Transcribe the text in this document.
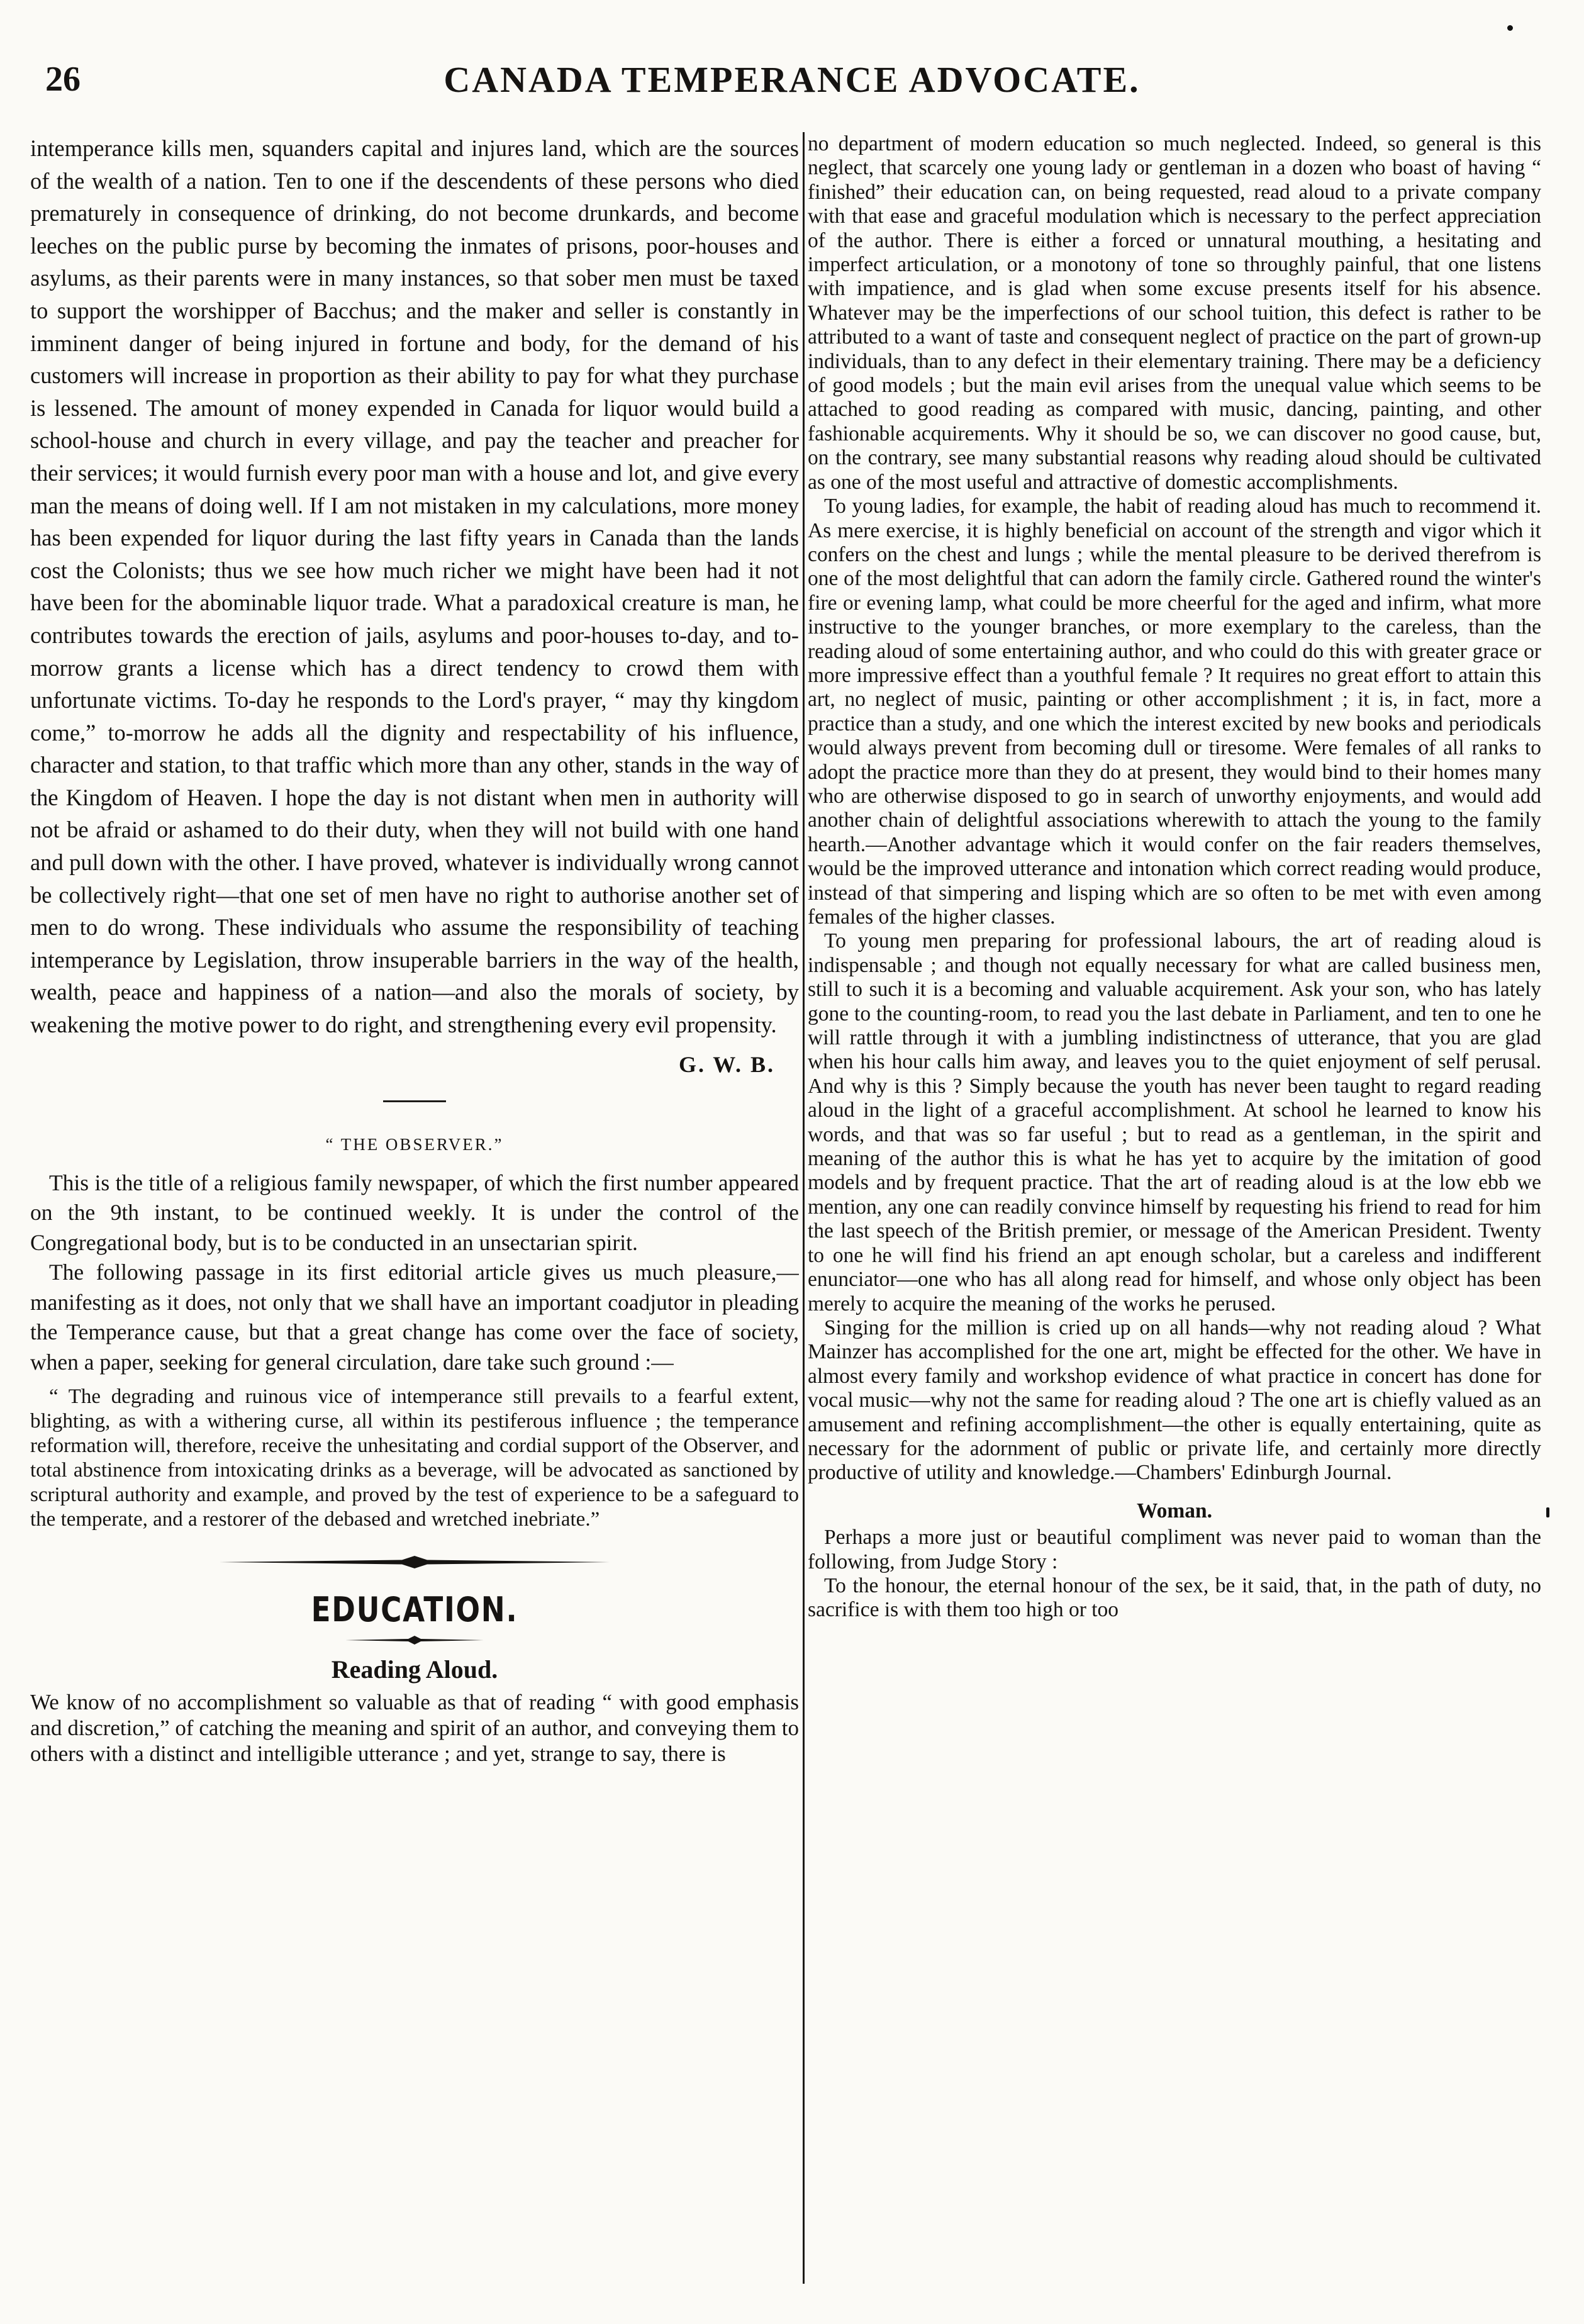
26	CANADA TEMPERANCE ADVOCATE.

intemperance kills men, squanders capital and injures land, which are the sources of the wealth of a nation. Ten to one if the descendents of these persons who died prematurely in consequence of drinking, do not become drunkards, and become leeches on the public purse by becoming the inmates of prisons, poor-houses and asylums, as their parents were in many instances, so that sober men must be taxed to support the worshipper of Bacchus; and the maker and seller is constantly in imminent danger of being injured in fortune and body, for the demand of his customers will increase in proportion as their ability to pay for what they purchase is lessened. The amount of money expended in Canada for liquor would build a school-house and church in every village, and pay the teacher and preacher for their services; it would furnish every poor man with a house and lot, and give every man the means of doing well. If I am not mistaken in my calculations, more money has been expended for liquor during the last fifty years in Canada than the lands cost the Colonists; thus we see how much richer we might have been had it not have been for the abominable liquor trade. What a paradoxical creature is man, he contributes towards the erection of jails, asylums and poor-houses to-day, and to-morrow grants a license which has a direct tendency to crowd them with unfortunate victims. To-day he responds to the Lord's prayer, “ may thy kingdom come,” to-morrow he adds all the dignity and respectability of his influence, character and station, to that traffic which more than any other, stands in the way of the Kingdom of Heaven. I hope the day is not distant when men in authority will not be afraid or ashamed to do their duty, when they will not build with one hand and pull down with the other. I have proved, whatever is individually wrong cannot be collectively right—that one set of men have no right to authorise another set of men to do wrong. These individuals who assume the responsibility of teaching intemperance by Legislation, throw insuperable barriers in the way of the health, wealth, peace and happiness of a nation—and also the morals of society, by weakening the motive power to do right, and strengthening every evil propensity.

G. W. B.

“ THE OBSERVER.”

This is the title of a religious family newspaper, of which the first number appeared on the 9th instant, to be continued weekly. It is under the control of the Congregational body, but is to be conducted in an unsectarian spirit.

The following passage in its first editorial article gives us much pleasure,—manifesting as it does, not only that we shall have an important coadjutor in pleading the Temperance cause, but that a great change has come over the face of society, when a paper, seeking for general circulation, dare take such ground :—

“ The degrading and ruinous vice of intemperance still prevails to a fearful extent, blighting, as with a withering curse, all within its pestiferous influence ; the temperance reformation will, therefore, receive the unhesitating and cordial support of the Observer, and total abstinence from intoxicating drinks as a beverage, will be advocated as sanctioned by scriptural authority and example, and proved by the test of experience to be a safeguard to the temperate, and a restorer of the debased and wretched inebriate.”

EDUCATION.

Reading Aloud.

We know of no accomplishment so valuable as that of reading “ with good emphasis and discretion,” of catching the meaning and spirit of an author, and conveying them to others with a distinct and intelligible utterance ; and yet, strange to say, there is

no department of modern education so much neglected. Indeed, so general is this neglect, that scarcely one young lady or gentleman in a dozen who boast of having “ finished” their education can, on being requested, read aloud to a private company with that ease and graceful modulation which is necessary to the perfect appreciation of the author. There is either a forced or unnatural mouthing, a hesitating and imperfect articulation, or a monotony of tone so throughly painful, that one listens with impatience, and is glad when some excuse presents itself for his absence. Whatever may be the imperfections of our school tuition, this defect is rather to be attributed to a want of taste and consequent neglect of practice on the part of grown-up individuals, than to any defect in their elementary training. There may be a deficiency of good models ; but the main evil arises from the unequal value which seems to be attached to good reading as compared with music, dancing, painting, and other fashionable acquirements. Why it should be so, we can discover no good cause, but, on the contrary, see many substantial reasons why reading aloud should be cultivated as one of the most useful and attractive of domestic accomplishments.

To young ladies, for example, the habit of reading aloud has much to recommend it. As mere exercise, it is highly beneficial on account of the strength and vigor which it confers on the chest and lungs ; while the mental pleasure to be derived therefrom is one of the most delightful that can adorn the family circle. Gathered round the winter's fire or evening lamp, what could be more cheerful for the aged and infirm, what more instructive to the younger branches, or more exemplary to the careless, than the reading aloud of some entertaining author, and who could do this with greater grace or more impressive effect than a youthful female ? It requires no great effort to attain this art, no neglect of music, painting or other accomplishment ; it is, in fact, more a practice than a study, and one which the interest excited by new books and periodicals would always prevent from becoming dull or tiresome. Were females of all ranks to adopt the practice more than they do at present, they would bind to their homes many who are otherwise disposed to go in search of unworthy enjoyments, and would add another chain of delightful associations wherewith to attach the young to the family hearth.—Another advantage which it would confer on the fair readers themselves, would be the improved utterance and intonation which correct reading would produce, instead of that simpering and lisping which are so often to be met with even among females of the higher classes.

To young men preparing for professional labours, the art of reading aloud is indispensable ; and though not equally necessary for what are called business men, still to such it is a becoming and valuable acquirement. Ask your son, who has lately gone to the counting-room, to read you the last debate in Parliament, and ten to one he will rattle through it with a jumbling indistinctness of utterance, that you are glad when his hour calls him away, and leaves you to the quiet enjoyment of self perusal. And why is this ? Simply because the youth has never been taught to regard reading aloud in the light of a graceful accomplishment. At school he learned to know his words, and that was so far useful ; but to read as a gentleman, in the spirit and meaning of the author this is what he has yet to acquire by the imitation of good models and by frequent practice. That the art of reading aloud is at the low ebb we mention, any one can readily convince himself by requesting his friend to read for him the last speech of the British premier, or message of the American President. Twenty to one he will find his friend an apt enough scholar, but a careless and indifferent enunciator—one who has all along read for himself, and whose only object has been merely to acquire the meaning of the works he perused.

Singing for the million is cried up on all hands—why not reading aloud ? What Mainzer has accomplished for the one art, might be effected for the other. We have in almost every family and workshop evidence of what practice in concert has done for vocal music—why not the same for reading aloud ? The one art is chiefly valued as an amusement and refining accomplishment—the other is equally entertaining, quite as necessary for the adornment of public or private life, and certainly more directly productive of utility and knowledge.—Chambers' Edinburgh Journal.

Woman.

Perhaps a more just or beautiful compliment was never paid to woman than the following, from Judge Story :

To the honour, the eternal honour of the sex, be it said, that, in the path of duty, no sacrifice is with them too high or too
